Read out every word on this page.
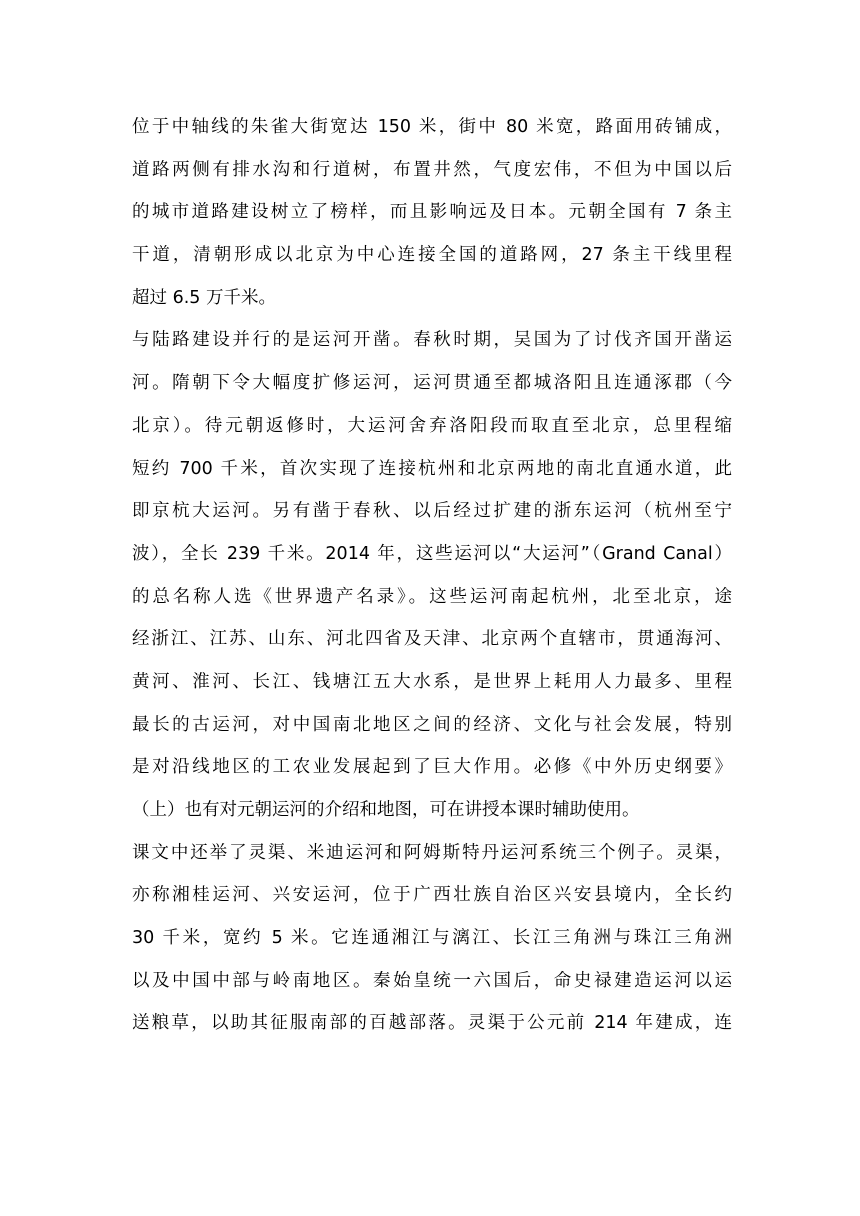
位于中轴线的朱雀大街宽达 150 米，街中 80 米宽，路面用砖铺成，
道路两侧有排水沟和行道树，布置井然，气度宏伟，不但为中国以后
的城市道路建设树立了榜样，而且影响远及日本。元朝全国有 7 条主
干道，清朝形成以北京为中心连接全国的道路网，27 条主干线里程
超过 6.5 万千米。
与陆路建设并行的是运河开凿。春秋时期，吴国为了讨伐齐国开凿运
河。隋朝下令大幅度扩修运河，运河贯通至都城洛阳且连通涿郡（今
北京）。待元朝返修时，大运河舍弃洛阳段而取直至北京，总里程缩
短约 700 千米，首次实现了连接杭州和北京两地的南北直通水道，此
即京杭大运河。另有凿于春秋、以后经过扩建的浙东运河（杭州至宁
波），全长 239 千米。2014 年，这些运河以“大运河”（Grand Canal）
的总名称人选《世界遗产名录》。这些运河南起杭州，北至北京，途
经浙江、江苏、山东、河北四省及天津、北京两个直辖市，贯通海河、
黄河、淮河、长江、钱塘江五大水系，是世界上耗用人力最多、里程
最长的古运河，对中国南北地区之间的经济、文化与社会发展，特别
是对沿线地区的工农业发展起到了巨大作用。必修《中外历史纲要》
（上）也有对元朝运河的介绍和地图，可在讲授本课时辅助使用。
课文中还举了灵渠、米迪运河和阿姆斯特丹运河系统三个例子。灵渠，
亦称湘桂运河、兴安运河，位于广西壮族自治区兴安县境内，全长约
30 千米，宽约 5 米。它连通湘江与漓江、长江三角洲与珠江三角洲
以及中国中部与岭南地区。秦始皇统一六国后，命史禄建造运河以运
送粮草，以助其征服南部的百越部落。灵渠于公元前 214 年建成，连
